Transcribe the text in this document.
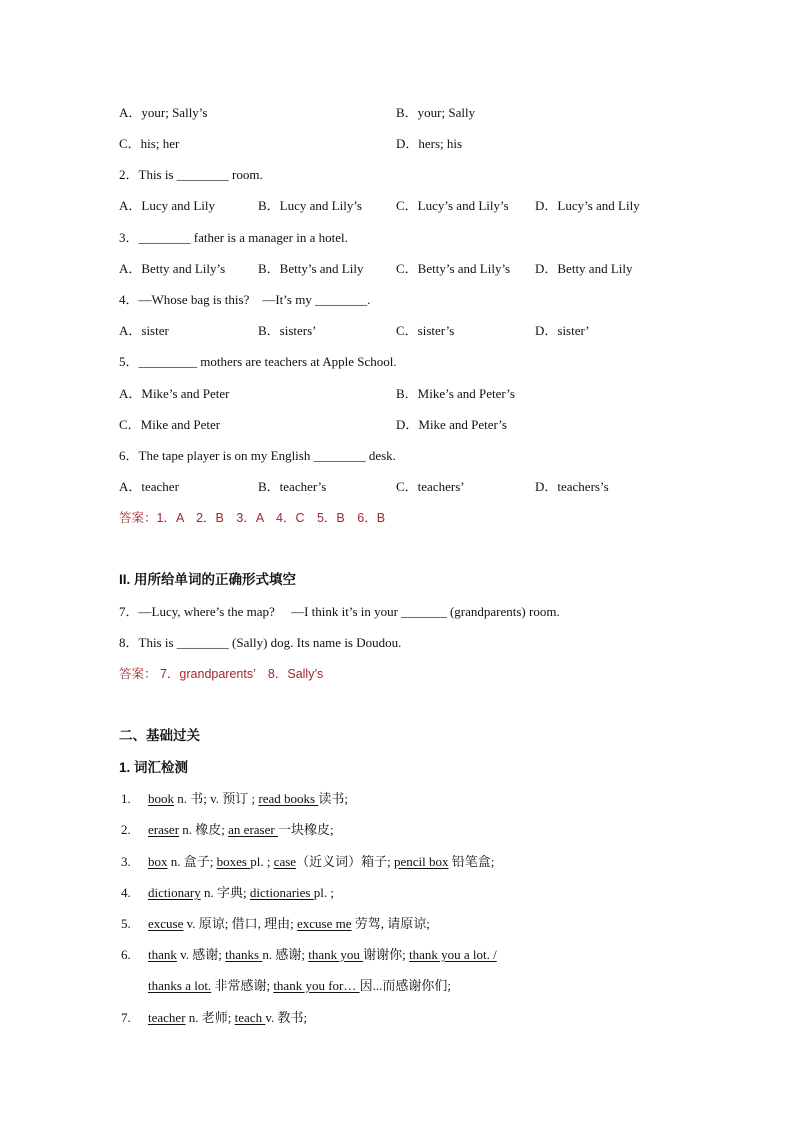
A．your; Sally’s	B．your; Sally
C．his; her	D．hers; his
2．This is ________ room.
A．Lucy and Lily	B．Lucy and Lily’s	C．Lucy’s and Lily’s D．Lucy’s and Lily
3．________ father is a manager in a hotel.
A．Betty and Lily’s	B．Betty’s and Lily	C．Betty’s and Lily’s D．Betty and Lily
4．—Whose bag is this?　—It’s my ________.
A．sister	B．sisters’	C．sister’s	D．sister’
5．_________ mothers are teachers at Apple School.
A．Mike’s and Peter	B．Mike’s and Peter’s
C．Mike and Peter	D．Mike and Peter’s
6．The tape player is on my English ________ desk.
A．teacher	B．teacher’s	C．teachers’	D．teachers’s
答案：1．A　2．B　3．A　4．C　5．B　6．B
II. 用所给单词的正确形式填空
7．—Lucy, where’s the map?　 —I think it’s in your _______ (grandparents) room.
8．This is ________ (Sally) dog. Its name is Doudou.
答案： 7．grandparents’　8．Sally’s
二、基础过关
1. 词汇检测
1. book n. 书; v. 预订 ; read books 读书;
2. eraser n. 橡皮; an eraser 一块橡皮;
3. box n. 盒子; boxes pl. ; case（近义词）箱子; pencil box 铅笔盒;
4. dictionary n. 字典; dictionaries pl. ;
5. excuse v. 原谅; 借口, 理由; excuse me 劳驾, 请原谅;
6. thank v. 感谢; thanks n. 感谢; thank you 谢谢你; thank you a lot. /
thanks a lot. 非常感谢; thank you for… 因...而感谢你们;
7. teacher n. 老师; teach v. 教书;
